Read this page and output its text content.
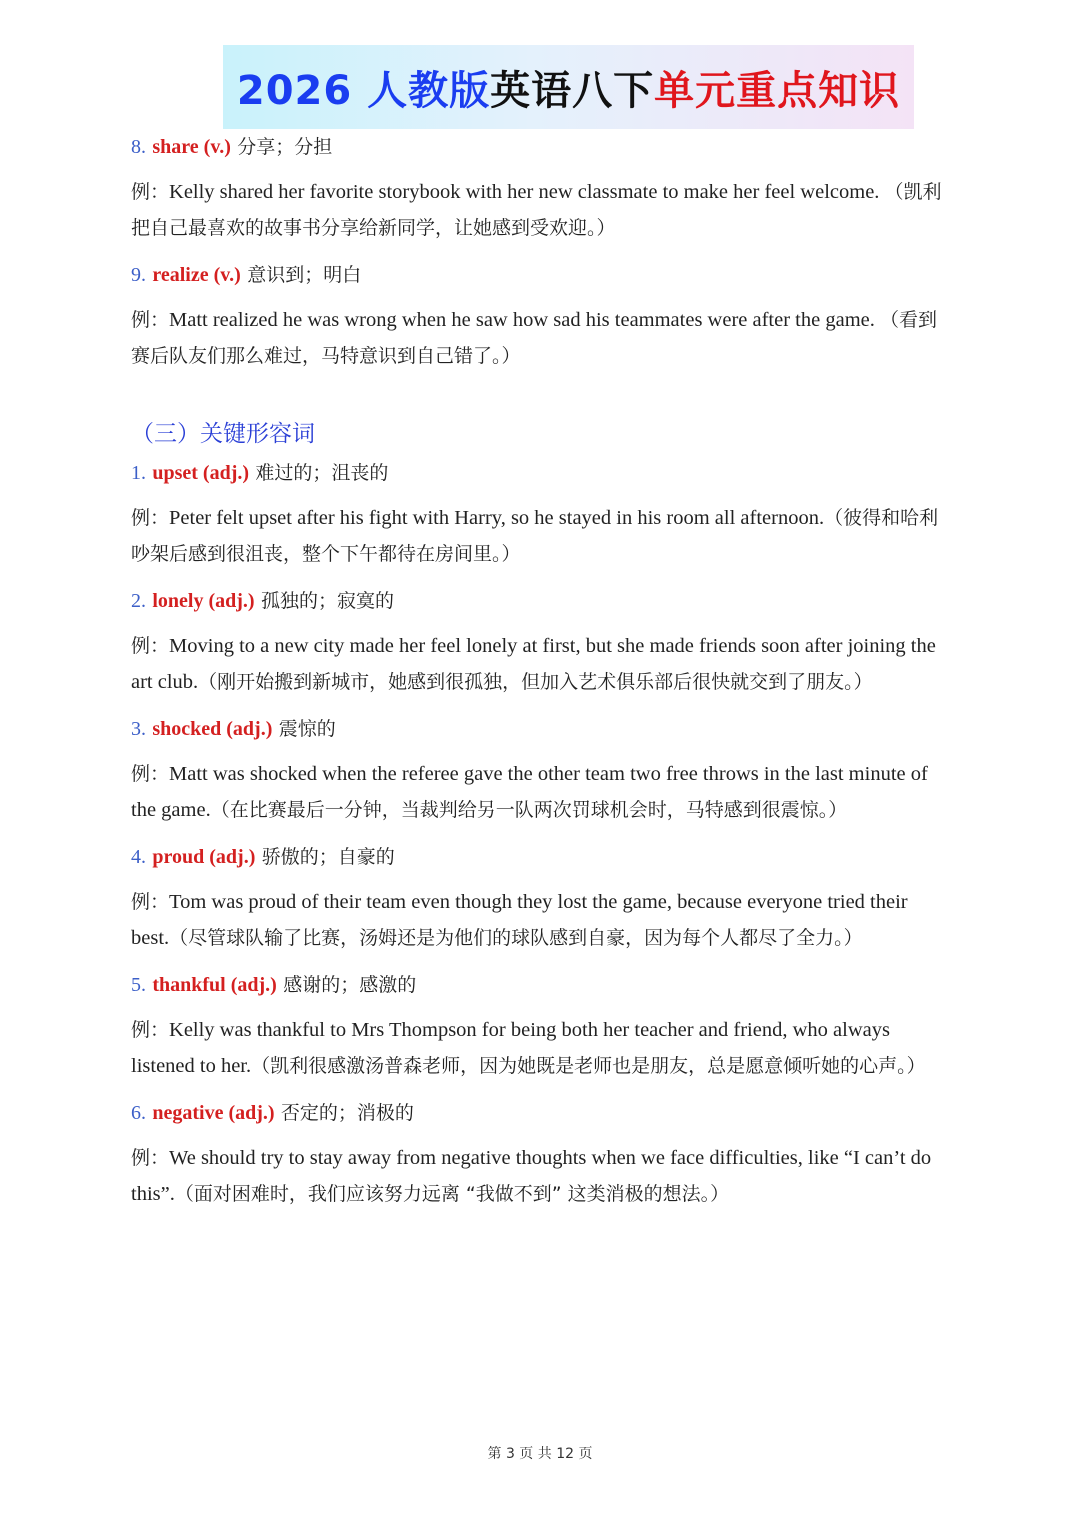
2026 人教版 英语八下 单元重点知识
8. share (v.) 分享；分担
例：Kelly shared her favorite storybook with her new classmate to make her feel welcome. （凯利把自己最喜欢的故事书分享给新同学，让她感到受欢迎。）
9. realize (v.) 意识到；明白
例：Matt realized he was wrong when he saw how sad his teammates were after the game. （看到赛后队友们那么难过，马特意识到自己错了。）
（三）关键形容词
1. upset (adj.) 难过的；沮丧的
例：Peter felt upset after his fight with Harry, so he stayed in his room all afternoon.（彼得和哈利吵架后感到很沮丧，整个下午都待在房间里。）
2. lonely (adj.) 孤独的；寂寞的
例：Moving to a new city made her feel lonely at first, but she made friends soon after joining the art club.（刚开始搬到新城市，她感到很孤独，但加入艺术俱乐部后很快就交到了朋友。）
3. shocked (adj.) 震惊的
例：Matt was shocked when the referee gave the other team two free throws in the last minute of the game.（在比赛最后一分钟，当裁判给另一队两次罚球机会时，马特感到很震惊。）
4. proud (adj.) 骄傲的；自豪的
例：Tom was proud of their team even though they lost the game, because everyone tried their best.（尽管球队输了比赛，汤姆还是为他们的球队感到自豪，因为每个人都尽了全力。）
5. thankful (adj.) 感谢的；感激的
例：Kelly was thankful to Mrs Thompson for being both her teacher and friend, who always listened to her.（凯利很感激汤普森老师，因为她既是老师也是朋友，总是愿意倾听她的心声。）
6. negative (adj.) 否定的；消极的
例：We should try to stay away from negative thoughts when we face difficulties, like “I can’t do this”.（面对困难时，我们应该努力远离 “我做不到” 这类消极的想法。）
第 3 页 共 12 页
